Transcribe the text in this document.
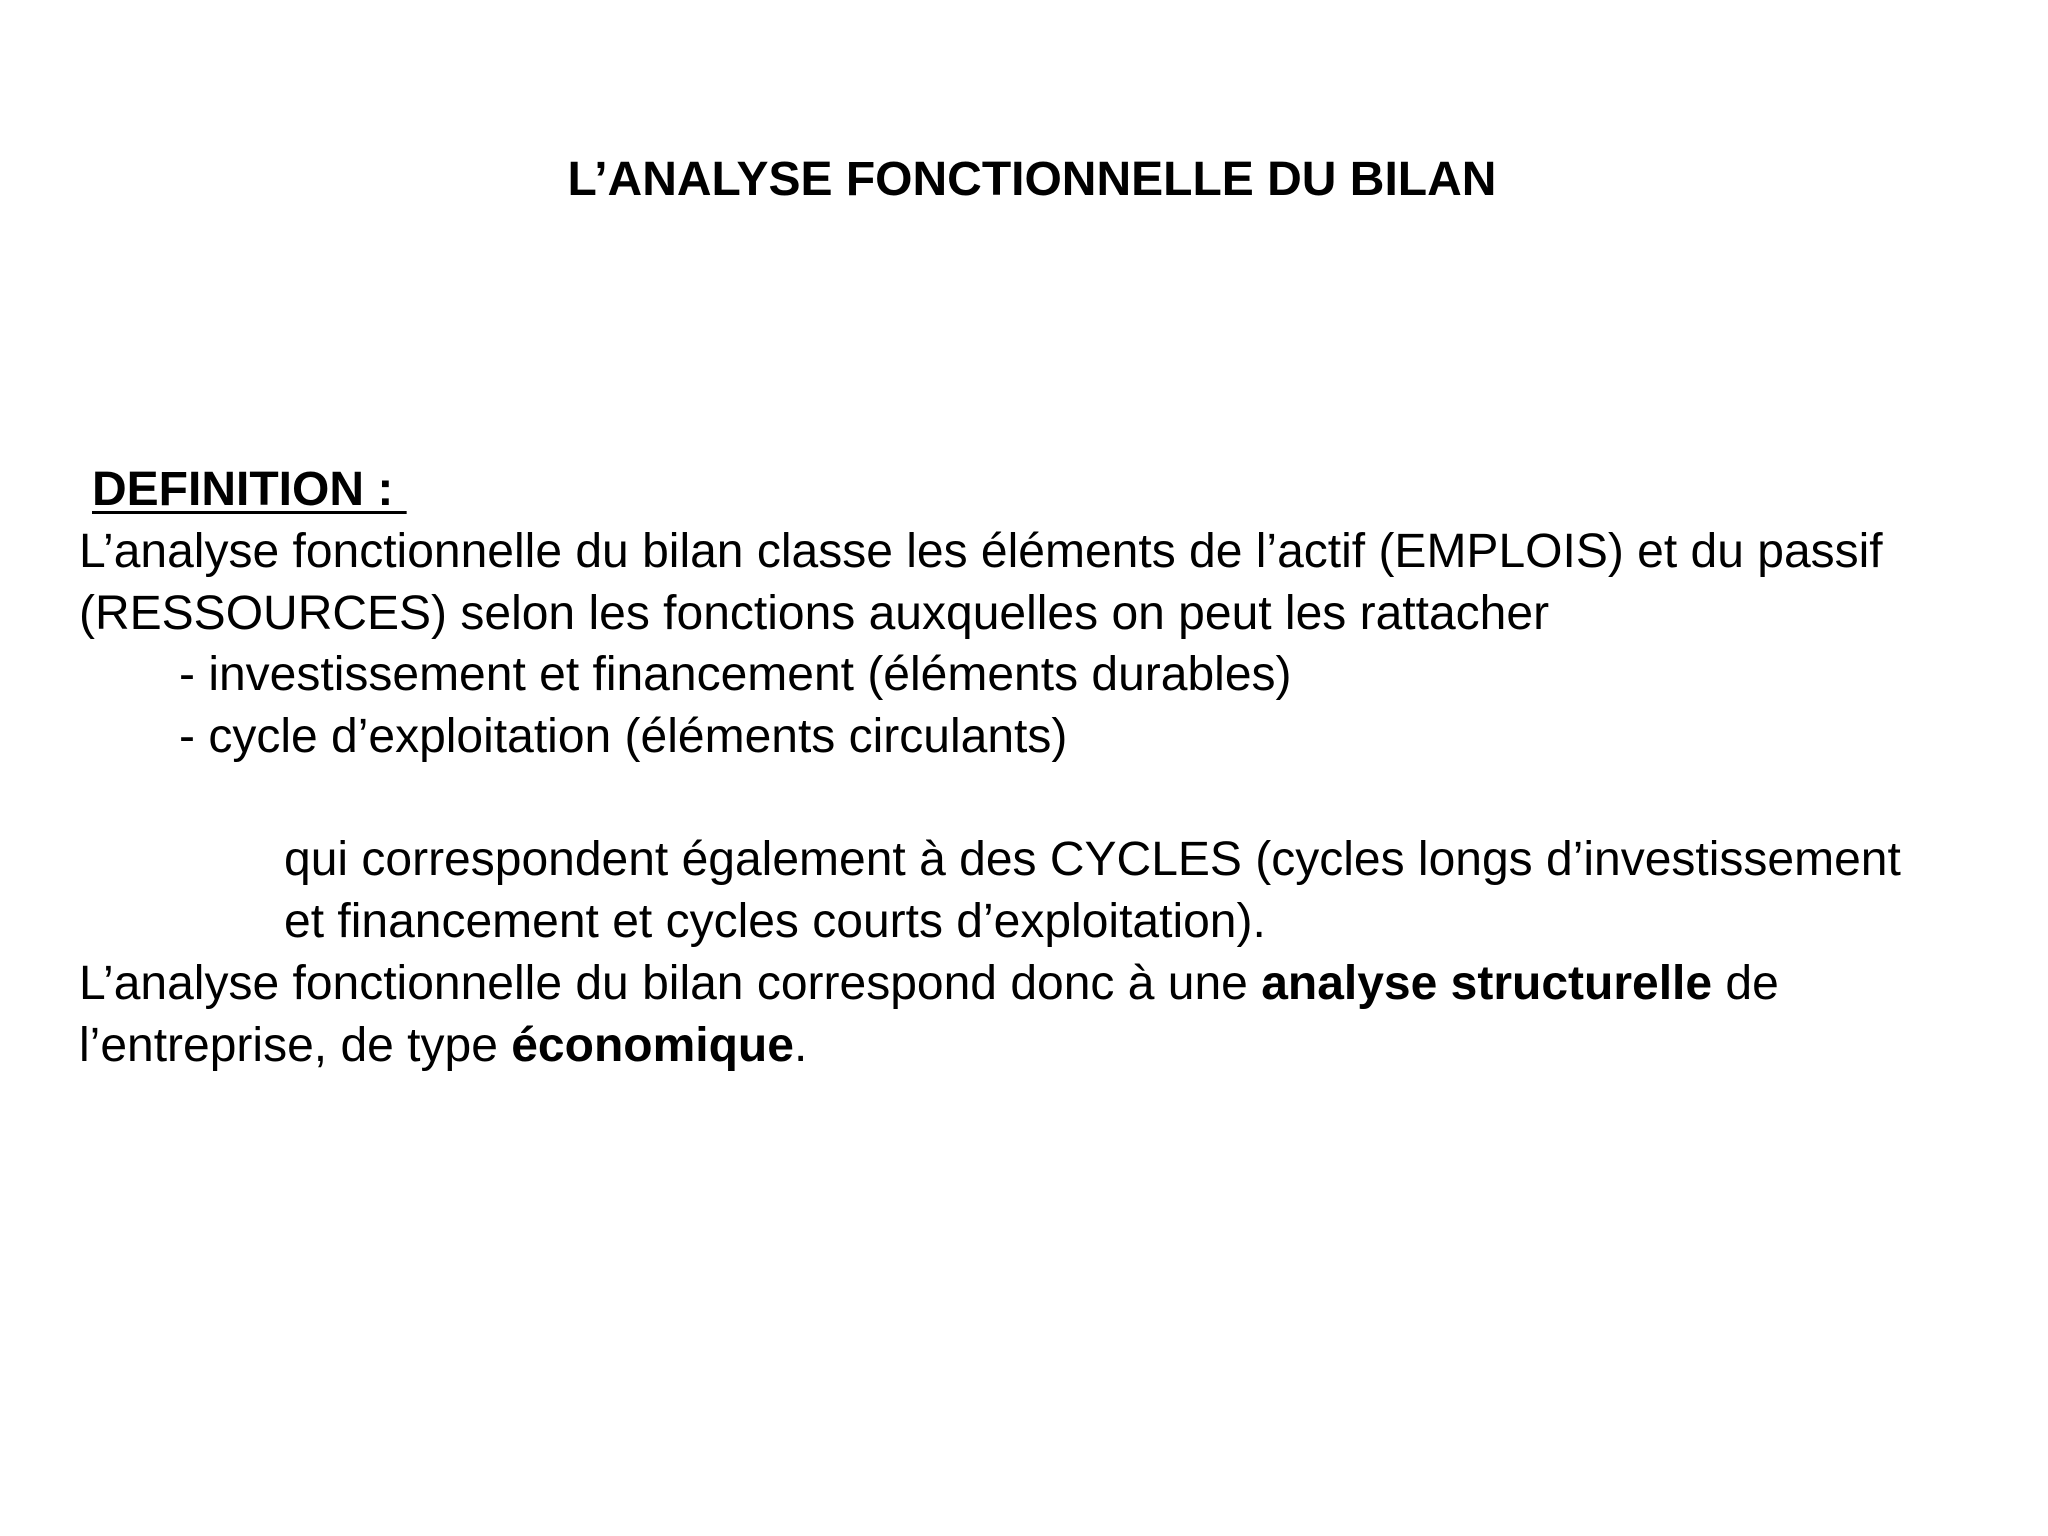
L’ANALYSE FONCTIONNELLE DU BILAN
DEFINITION :
L’analyse fonctionnelle du bilan classe les éléments de l’actif (EMPLOIS) et du passif
(RESSOURCES) selon les fonctions auxquelles on peut les rattacher
- investissement et financement (éléments durables)
- cycle d’exploitation (éléments circulants)
qui correspondent également à des CYCLES (cycles longs d’investissement
et financement et cycles courts d’exploitation).
L’analyse fonctionnelle du bilan correspond donc à une analyse structurelle de
l’entreprise, de type économique.
